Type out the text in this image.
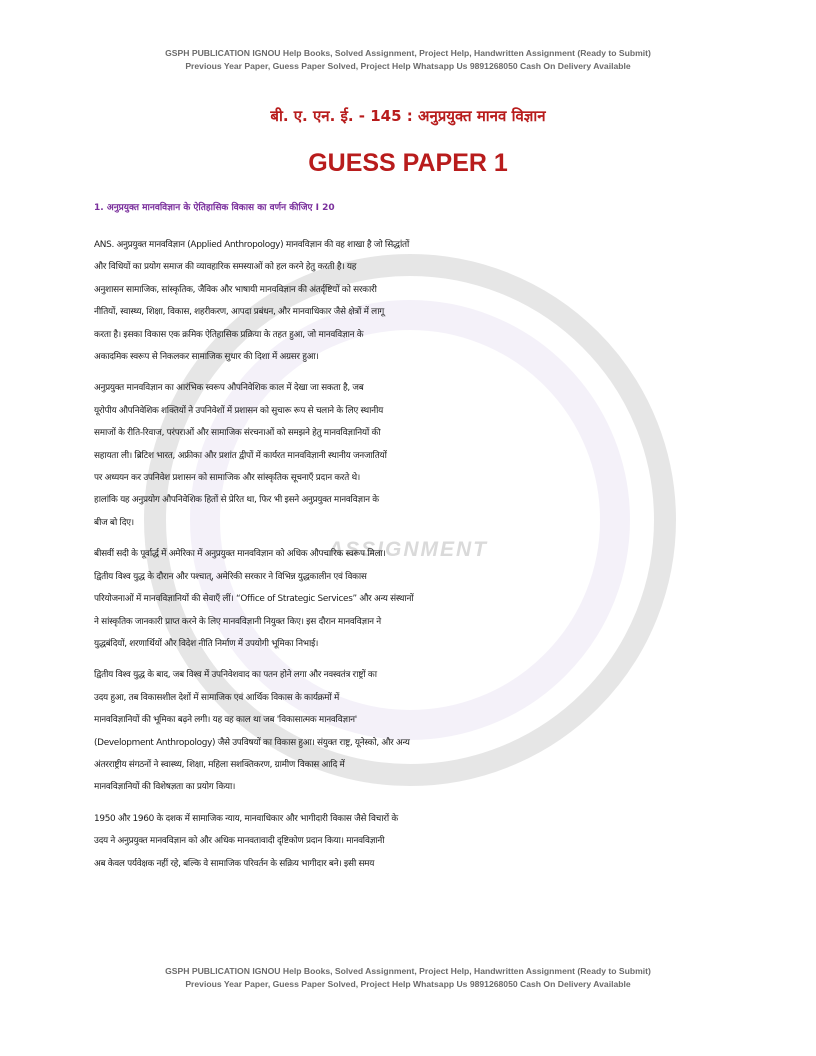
ASSIGNMENT
GSPH PUBLICATION IGNOU Help Books, Solved Assignment, Project Help, Handwritten Assignment (Ready to Submit)
Previous Year Paper, Guess Paper Solved, Project Help Whatsapp Us 9891268050 Cash On Delivery Available
बी. ए. एन. ई. - 145 : अनुप्रयुक्त मानव विज्ञान
GUESS PAPER 1
1. अनुप्रयुक्त मानवविज्ञान के ऐतिहासिक विकास का वर्णन कीजिए I 20

ANS. अनुप्रयुक्त मानवविज्ञान (Applied Anthropology) मानवविज्ञान की वह शाखा है जो सिद्धांतों
और विधियों का प्रयोग समाज की व्यावहारिक समस्याओं को हल करने हेतु करती है। यह
अनुशासन सामाजिक, सांस्कृतिक, जैविक और भाषायी मानवविज्ञान की अंतर्दृष्टियों को सरकारी
नीतियों, स्वास्थ्य, शिक्षा, विकास, शहरीकरण, आपदा प्रबंधन, और मानवाधिकार जैसे क्षेत्रों में लागू
करता है। इसका विकास एक क्रमिक ऐतिहासिक प्रक्रिया के तहत हुआ, जो मानवविज्ञान के
अकादमिक स्वरूप से निकलकर सामाजिक सुधार की दिशा में अग्रसर हुआ।

अनुप्रयुक्त मानवविज्ञान का आरंभिक स्वरूप औपनिवेशिक काल में देखा जा सकता है, जब
यूरोपीय औपनिवेशिक शक्तियों ने उपनिवेशों में प्रशासन को सुचारू रूप से चलाने के लिए स्थानीय
समाजों के रीति-रिवाज, परंपराओं और सामाजिक संरचनाओं को समझने हेतु मानवविज्ञानियों की
सहायता ली। ब्रिटिश भारत, अफ्रीका और प्रशांत द्वीपों में कार्यरत मानवविज्ञानी स्थानीय जनजातियों
पर अध्ययन कर उपनिवेश प्रशासन को सामाजिक और सांस्कृतिक सूचनाएँ प्रदान करते थे।
हालांकि यह अनुप्रयोग औपनिवेशिक हितों से प्रेरित था, फिर भी इसने अनुप्रयुक्त मानवविज्ञान के
बीज बो दिए।

बीसवीं सदी के पूर्वार्द्ध में अमेरिका में अनुप्रयुक्त मानवविज्ञान को अधिक औपचारिक स्वरूप मिला।
द्वितीय विश्व युद्ध के दौरान और पश्चात्, अमेरिकी सरकार ने विभिन्न युद्धकालीन एवं विकास
परियोजनाओं में मानवविज्ञानियों की सेवाएँ लीं। “Office of Strategic Services” और अन्य संस्थानों
ने सांस्कृतिक जानकारी प्राप्त करने के लिए मानवविज्ञानी नियुक्त किए। इस दौरान मानवविज्ञान ने
युद्धबंदियों, शरणार्थियों और विदेश नीति निर्माण में उपयोगी भूमिका निभाई।

द्वितीय विश्व युद्ध के बाद, जब विश्व में उपनिवेशवाद का पतन होने लगा और नवस्वतंत्र राष्ट्रों का
उदय हुआ, तब विकासशील देशों में सामाजिक एवं आर्थिक विकास के कार्यक्रमों में
मानवविज्ञानियों की भूमिका बढ़ने लगी। यह वह काल था जब 'विकासात्मक मानवविज्ञान'
(Development Anthropology) जैसे उपविषयों का विकास हुआ। संयुक्त राष्ट्र, यूनेस्को, और अन्य
अंतरराष्ट्रीय संगठनों ने स्वास्थ्य, शिक्षा, महिला सशक्तिकरण, ग्रामीण विकास आदि में
मानवविज्ञानियों की विशेषज्ञता का प्रयोग किया।

1950 और 1960 के दशक में सामाजिक न्याय, मानवाधिकार और भागीदारी विकास जैसे विचारों के
उदय ने अनुप्रयुक्त मानवविज्ञान को और अधिक मानवतावादी दृष्टिकोण प्रदान किया। मानवविज्ञानी
अब केवल पर्यवेक्षक नहीं रहे, बल्कि वे सामाजिक परिवर्तन के सक्रिय भागीदार बने। इसी समय

GSPH PUBLICATION IGNOU Help Books, Solved Assignment, Project Help, Handwritten Assignment (Ready to Submit)
Previous Year Paper, Guess Paper Solved, Project Help Whatsapp Us 9891268050 Cash On Delivery Available
